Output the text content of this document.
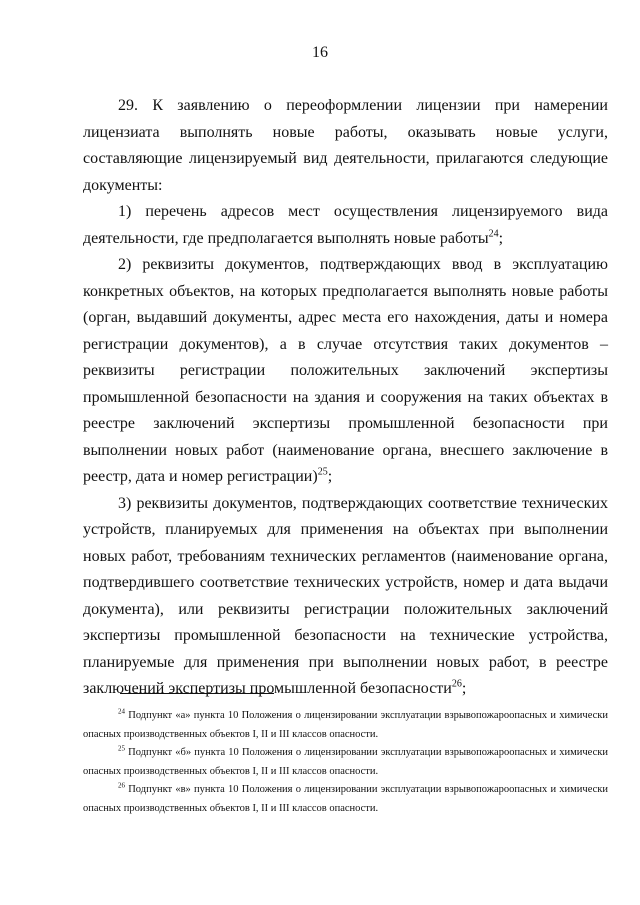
16

29. К заявлению о переоформлении лицензии при намерении лицензиата выполнять новые работы, оказывать новые услуги, составляющие лицензируемый вид деятельности, прилагаются следующие документы:

1) перечень адресов мест осуществления лицензируемого вида деятельности, где предполагается выполнять новые работы$^{24}$;

2) реквизиты документов, подтверждающих ввод в эксплуатацию конкретных объектов, на которых предполагается выполнять новые работы (орган, выдавший документы, адрес места его нахождения, даты и номера регистрации документов), а в случае отсутствия таких документов – реквизиты регистрации положительных заключений экспертизы промышленной безопасности на здания и сооружения на таких объектах в реестре заключений экспертизы промышленной безопасности при выполнении новых работ (наименование органа, внесшего заключение в реестр, дата и номер регистрации)$^{25}$;

3) реквизиты документов, подтверждающих соответствие технических устройств, планируемых для применения на объектах при выполнении новых работ, требованиям технических регламентов (наименование органа, подтвердившего соответствие технических устройств, номер и дата выдачи документа), или реквизиты регистрации положительных заключений экспертизы промышленной безопасности на технические устройства, планируемые для применения при выполнении новых работ, в реестре заключений экспертизы промышленной безопасности$^{26}$;

$^{24}$ Подпункт «а» пункта 10 Положения о лицензировании эксплуатации взрывопожароопасных и химически опасных производственных объектов I, II и III классов опасности.

$^{25}$ Подпункт «б» пункта 10 Положения о лицензировании эксплуатации взрывопожароопасных и химически опасных производственных объектов I, II и III классов опасности.

$^{26}$ Подпункт «в» пункта 10 Положения о лицензировании эксплуатации взрывопожароопасных и химически опасных производственных объектов I, II и III классов опасности.
